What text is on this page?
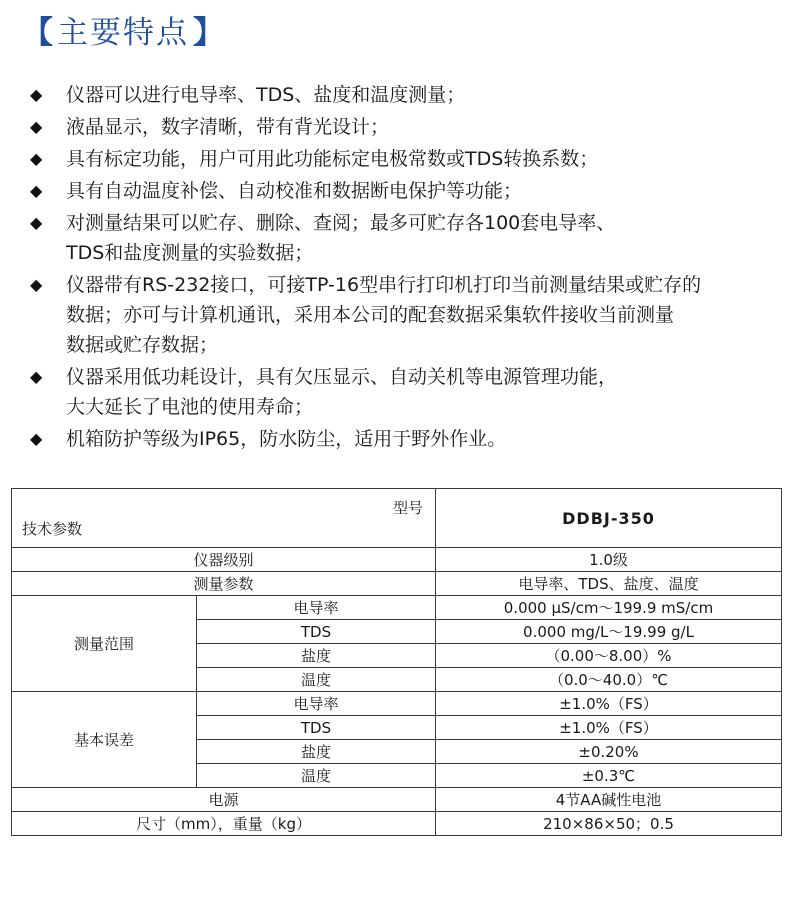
【 主要特点 】
◆	仪器可以进行电导率、TDS、盐度和温度测量；
◆	液晶显示，数字清晰，带有背光设计；
◆	具有标定功能，用户可用此功能标定电极常数或TDS转换系数；
◆	具有自动温度补偿、自动校准和数据断电保护等功能；
◆	对测量结果可以贮存、删除、查阅；最多可贮存各100套电导率、
TDS和盐度测量的实验数据；
◆	仪器带有RS-232接口，可接TP-16型串行打印机打印当前测量结果或贮存的
数据；亦可与计算机通讯，采用本公司的配套数据采集软件接收当前测量
数据或贮存数据；
◆	仪器采用低功耗设计，具有欠压显示、自动关机等电源管理功能，
大大延长了电池的使用寿命；
◆	机箱防护等级为IP65，防水防尘，适用于野外作业。
型号
技术参数		DDBJ-350
仪器级别		1.0级
测量参数		电导率、TDS、盐度、温度
测量范围	电导率	0.000 μS/cm～199.9 mS/cm
	TDS	0.000 mg/L～19.99 g/L
	盐度	（0.00～8.00）%
	温度	（0.0～40.0）℃
基本误差	电导率	±1.0%（FS）
	TDS	±1.0%（FS）
	盐度	±0.20%
	温度	±0.3℃
电源		4节AA碱性电池
尺寸（mm），重量（kg）		210×86×50；0.5
